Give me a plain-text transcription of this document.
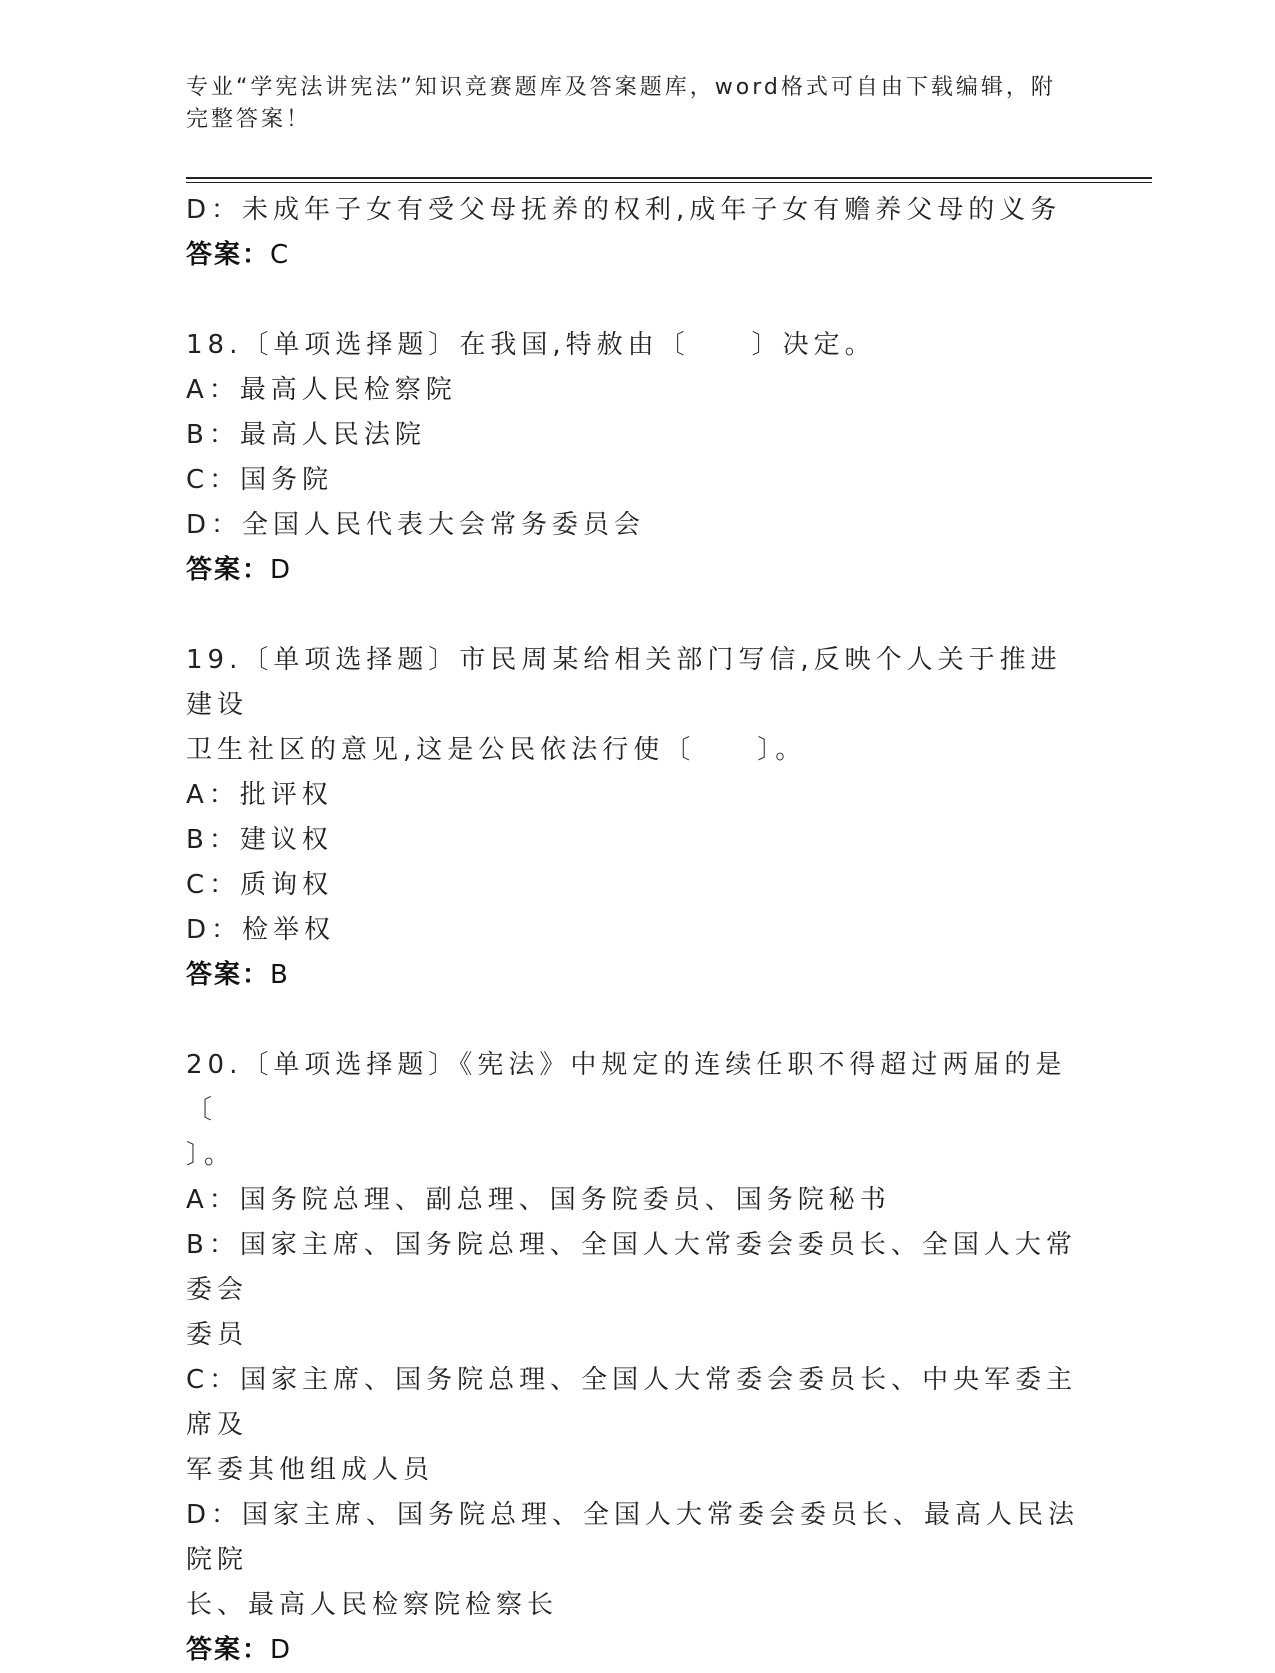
专业“学宪法讲宪法”知识竞赛题库及答案题库，word格式可自由下载编辑，附
完整答案！

D：未成年子女有受父母抚养的权利,成年子女有赡养父母的义务

答案：C

18.〔单项选择题〕在我国,特赦由〔　　〕决定。

A：最高人民检察院

B：最高人民法院

C：国务院

D：全国人民代表大会常务委员会

答案：D

19.〔单项选择题〕市民周某给相关部门写信,反映个人关于推进建设

卫生社区的意见,这是公民依法行使〔　　〕。

A：批评权

B：建议权

C：质询权

D：检举权

答案：B

20.〔单项选择题〕《宪法》中规定的连续任职不得超过两届的是〔

〕。

A：国务院总理、副总理、国务院委员、国务院秘书

B：国家主席、国务院总理、全国人大常委会委员长、全国人大常委会

委员

C：国家主席、国务院总理、全国人大常委会委员长、中央军委主席及

军委其他组成人员

D：国家主席、国务院总理、全国人大常委会委员长、最高人民法院院

长、最高人民检察院检察长

答案：D
